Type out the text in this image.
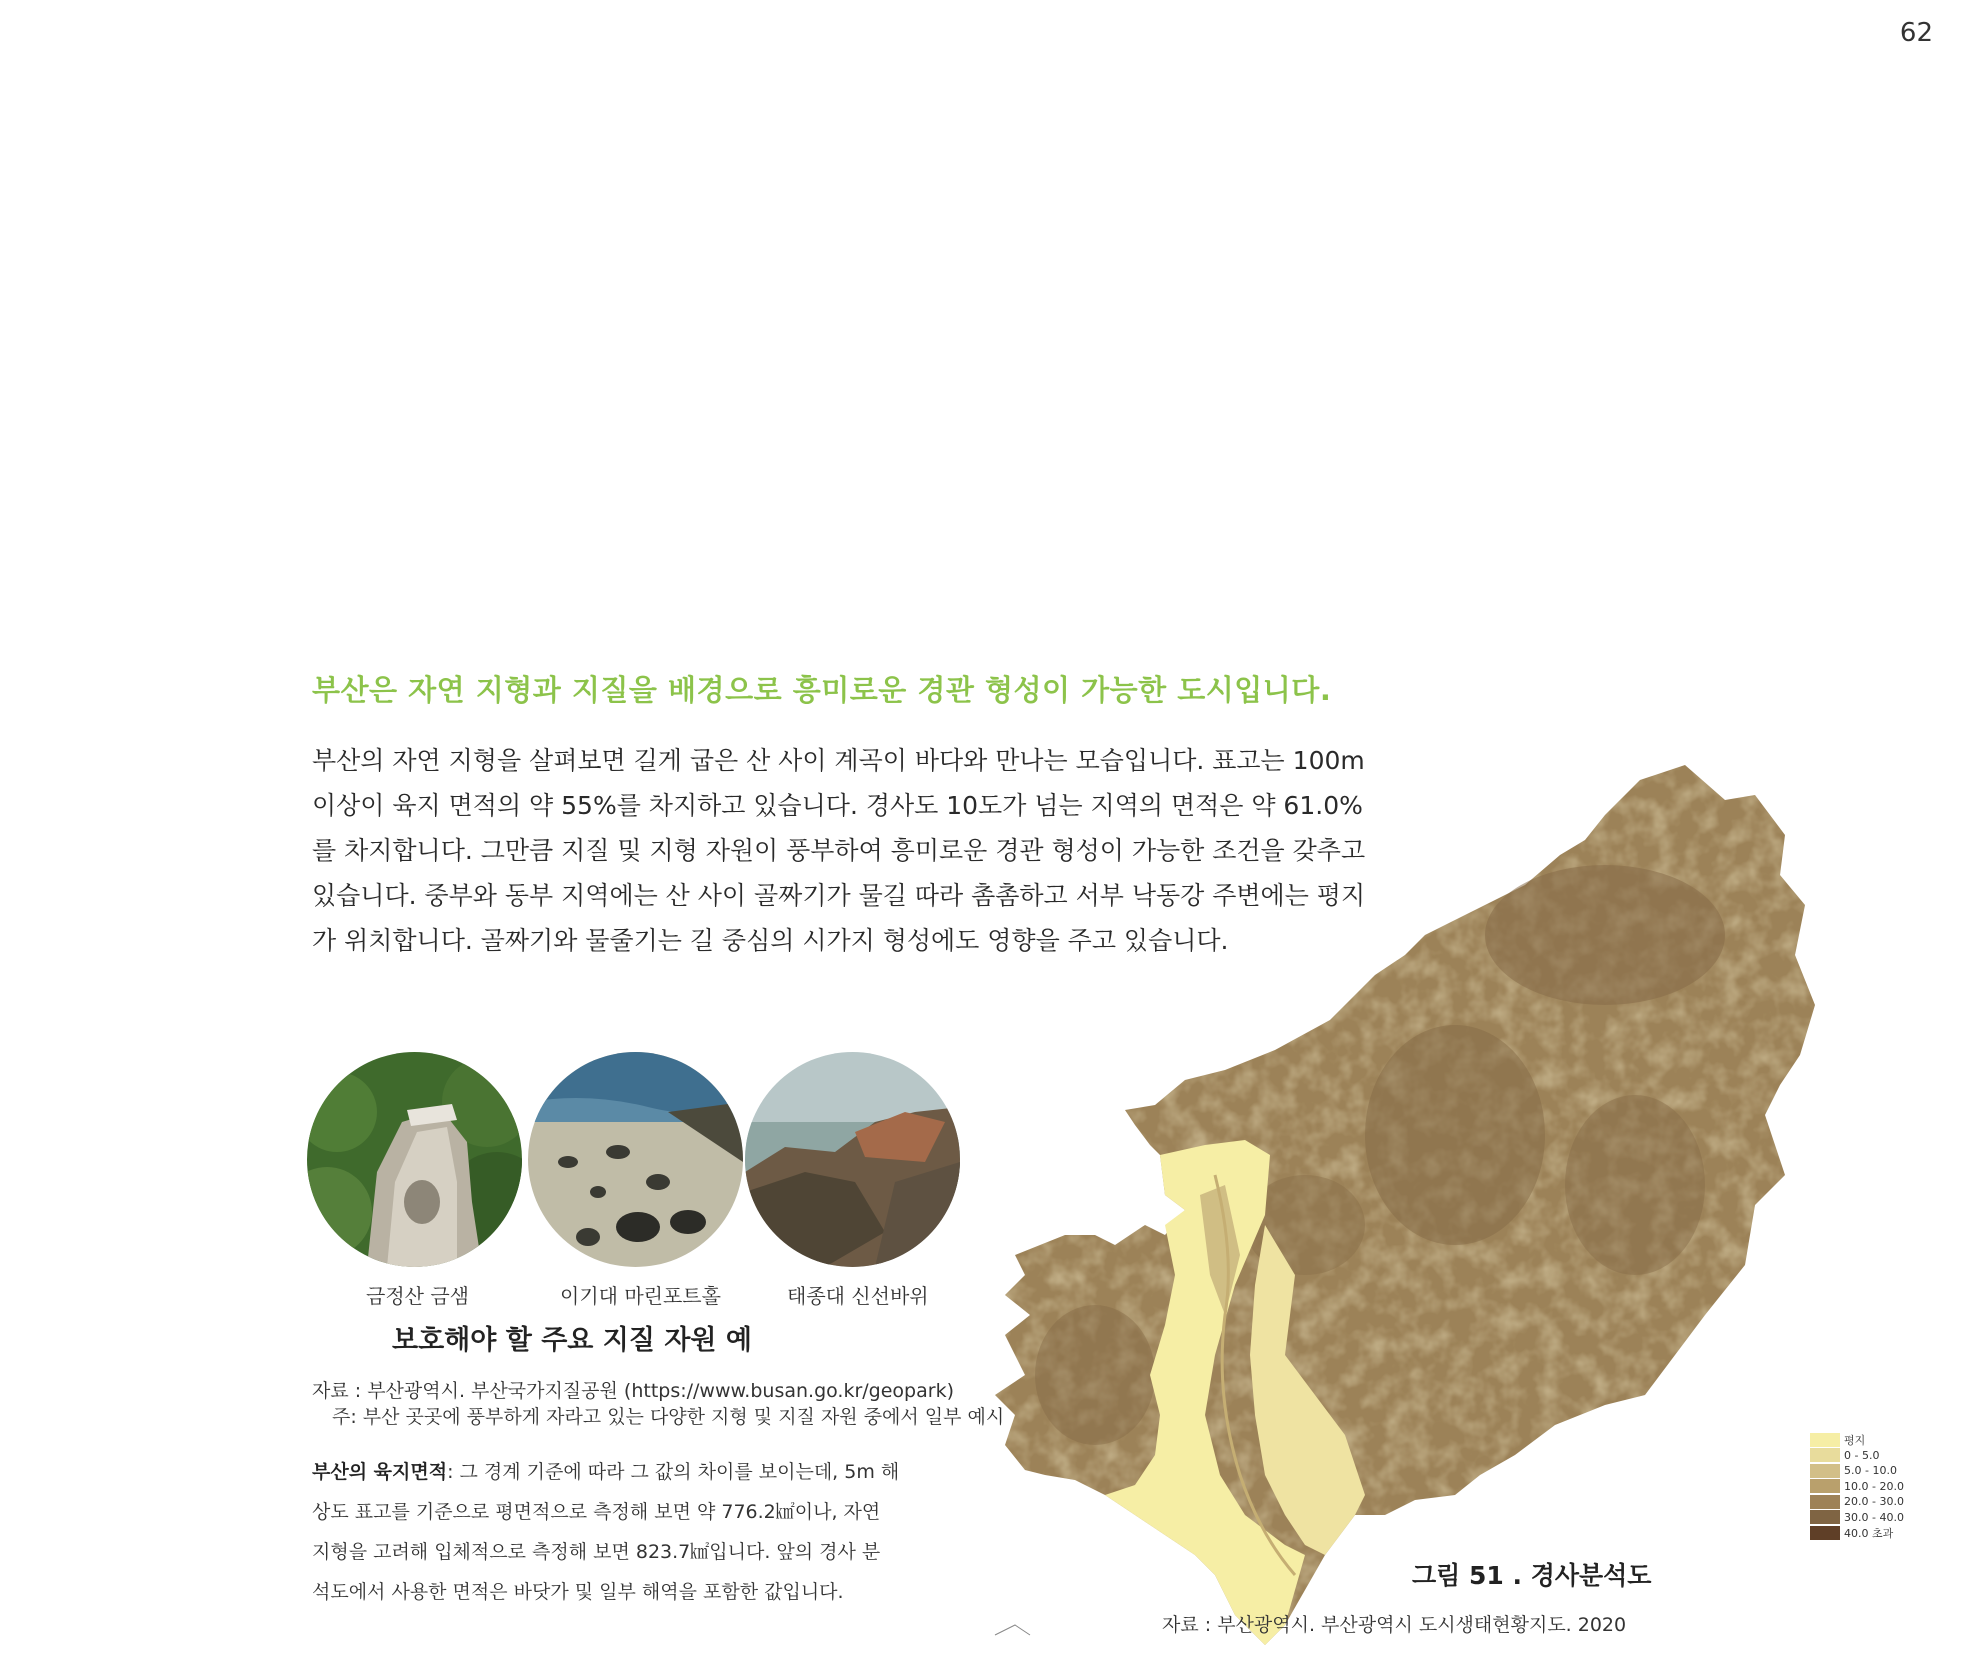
62
부산은 자연 지형과 지질을 배경으로 흥미로운 경관 형성이 가능한 도시입니다.

부산의 자연 지형을 살펴보면 길게 굽은 산 사이 계곡이 바다와 만나는 모습입니다. 표고는 100m

이상이 육지 면적의 약 55%를 차지하고 있습니다. 경사도 10도가 넘는 지역의 면적은 약 61.0%

를 차지합니다. 그만큼 지질 및 지형 자원이 풍부하여 흥미로운 경관 형성이 가능한 조건을 갖추고

있습니다. 중부와 동부 지역에는 산 사이 골짜기가 물길 따라 촘촘하고 서부 낙동강 주변에는 평지

가 위치합니다. 골짜기와 물줄기는 길 중심의 시가지 형성에도 영향을 주고 있습니다.

금정산 금샘	이기대 마린포트홀	태종대 신선바위
보호해야 할 주요 지질 자원 예
자료 : 부산광역시. 부산국가지질공원 (https://www.busan.go.kr/geopark)
주: 부산 곳곳에 풍부하게 자라고 있는 다양한 지형 및 지질 자원 중에서 일부 예시

부산의 육지면적: 그 경계 기준에 따라 그 값의 차이를 보이는데, 5m 해

상도 표고를 기준으로 평면적으로 측정해 보면 약 776.2㎢이나, 자연

지형을 고려해 입체적으로 측정해 보면 823.7㎢입니다. 앞의 경사 분

석도에서 사용한 면적은 바닷가 및 일부 해역을 포함한 값입니다.

그림 51 . 경사분석도
자료 : 부산광역시. 부산광역시 도시생태현황지도. 2020
평지
0 - 5.0
5.0 - 10.0
10.0 - 20.0
20.0 - 30.0
30.0 - 40.0
40.0 초과
